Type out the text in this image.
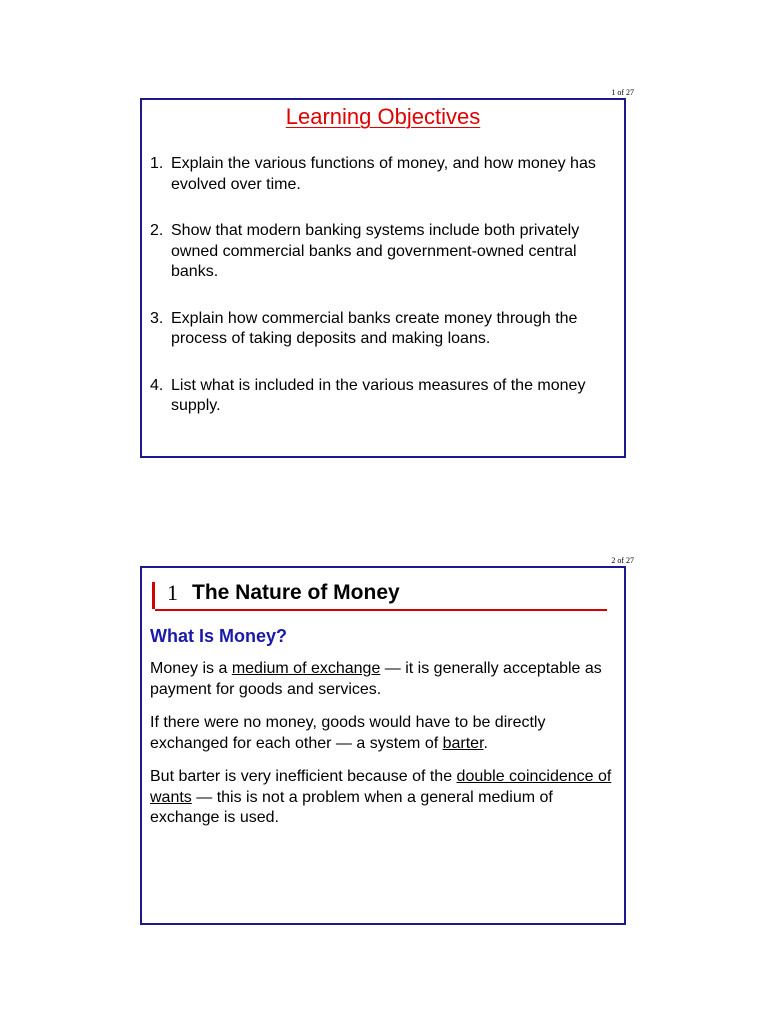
1 of 27
Learning Objectives
1. Explain the various functions of money, and how money has evolved over time.
2. Show that modern banking systems include both privately owned commercial banks and government-owned central banks.
3. Explain how commercial banks create money through the process of taking deposits and making loans.
4. List what is included in the various measures of the money supply.
2 of 27
1 The Nature of Money
What Is Money?

Money is a medium of exchange — it is generally acceptable as payment for goods and services.

If there were no money, goods would have to be directly exchanged for each other — a system of barter.

But barter is very inefficient because of the double coincidence of wants — this is not a problem when a general medium of exchange is used.
